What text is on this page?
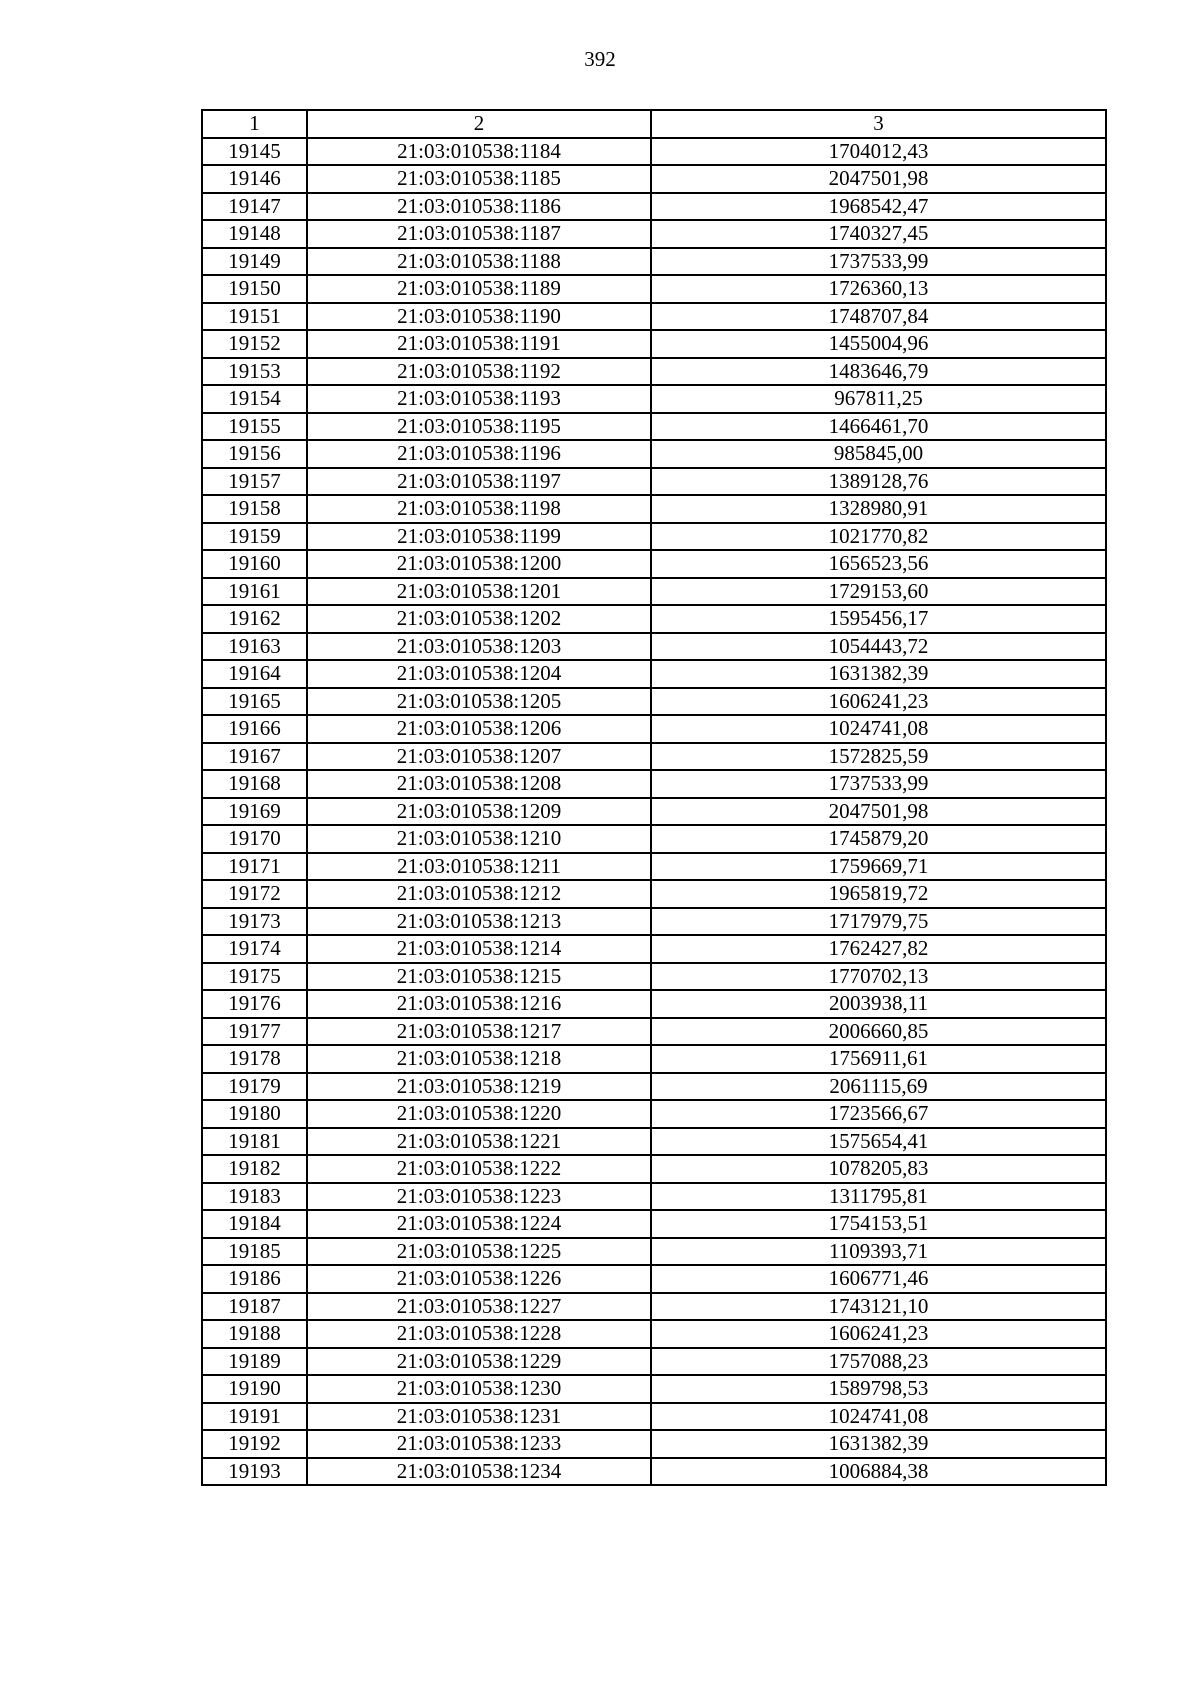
392
1	2	3
19145	21:03:010538:1184	1704012,43
19146	21:03:010538:1185	2047501,98
19147	21:03:010538:1186	1968542,47
19148	21:03:010538:1187	1740327,45
19149	21:03:010538:1188	1737533,99
19150	21:03:010538:1189	1726360,13
19151	21:03:010538:1190	1748707,84
19152	21:03:010538:1191	1455004,96
19153	21:03:010538:1192	1483646,79
19154	21:03:010538:1193	967811,25
19155	21:03:010538:1195	1466461,70
19156	21:03:010538:1196	985845,00
19157	21:03:010538:1197	1389128,76
19158	21:03:010538:1198	1328980,91
19159	21:03:010538:1199	1021770,82
19160	21:03:010538:1200	1656523,56
19161	21:03:010538:1201	1729153,60
19162	21:03:010538:1202	1595456,17
19163	21:03:010538:1203	1054443,72
19164	21:03:010538:1204	1631382,39
19165	21:03:010538:1205	1606241,23
19166	21:03:010538:1206	1024741,08
19167	21:03:010538:1207	1572825,59
19168	21:03:010538:1208	1737533,99
19169	21:03:010538:1209	2047501,98
19170	21:03:010538:1210	1745879,20
19171	21:03:010538:1211	1759669,71
19172	21:03:010538:1212	1965819,72
19173	21:03:010538:1213	1717979,75
19174	21:03:010538:1214	1762427,82
19175	21:03:010538:1215	1770702,13
19176	21:03:010538:1216	2003938,11
19177	21:03:010538:1217	2006660,85
19178	21:03:010538:1218	1756911,61
19179	21:03:010538:1219	2061115,69
19180	21:03:010538:1220	1723566,67
19181	21:03:010538:1221	1575654,41
19182	21:03:010538:1222	1078205,83
19183	21:03:010538:1223	1311795,81
19184	21:03:010538:1224	1754153,51
19185	21:03:010538:1225	1109393,71
19186	21:03:010538:1226	1606771,46
19187	21:03:010538:1227	1743121,10
19188	21:03:010538:1228	1606241,23
19189	21:03:010538:1229	1757088,23
19190	21:03:010538:1230	1589798,53
19191	21:03:010538:1231	1024741,08
19192	21:03:010538:1233	1631382,39
19193	21:03:010538:1234	1006884,38
